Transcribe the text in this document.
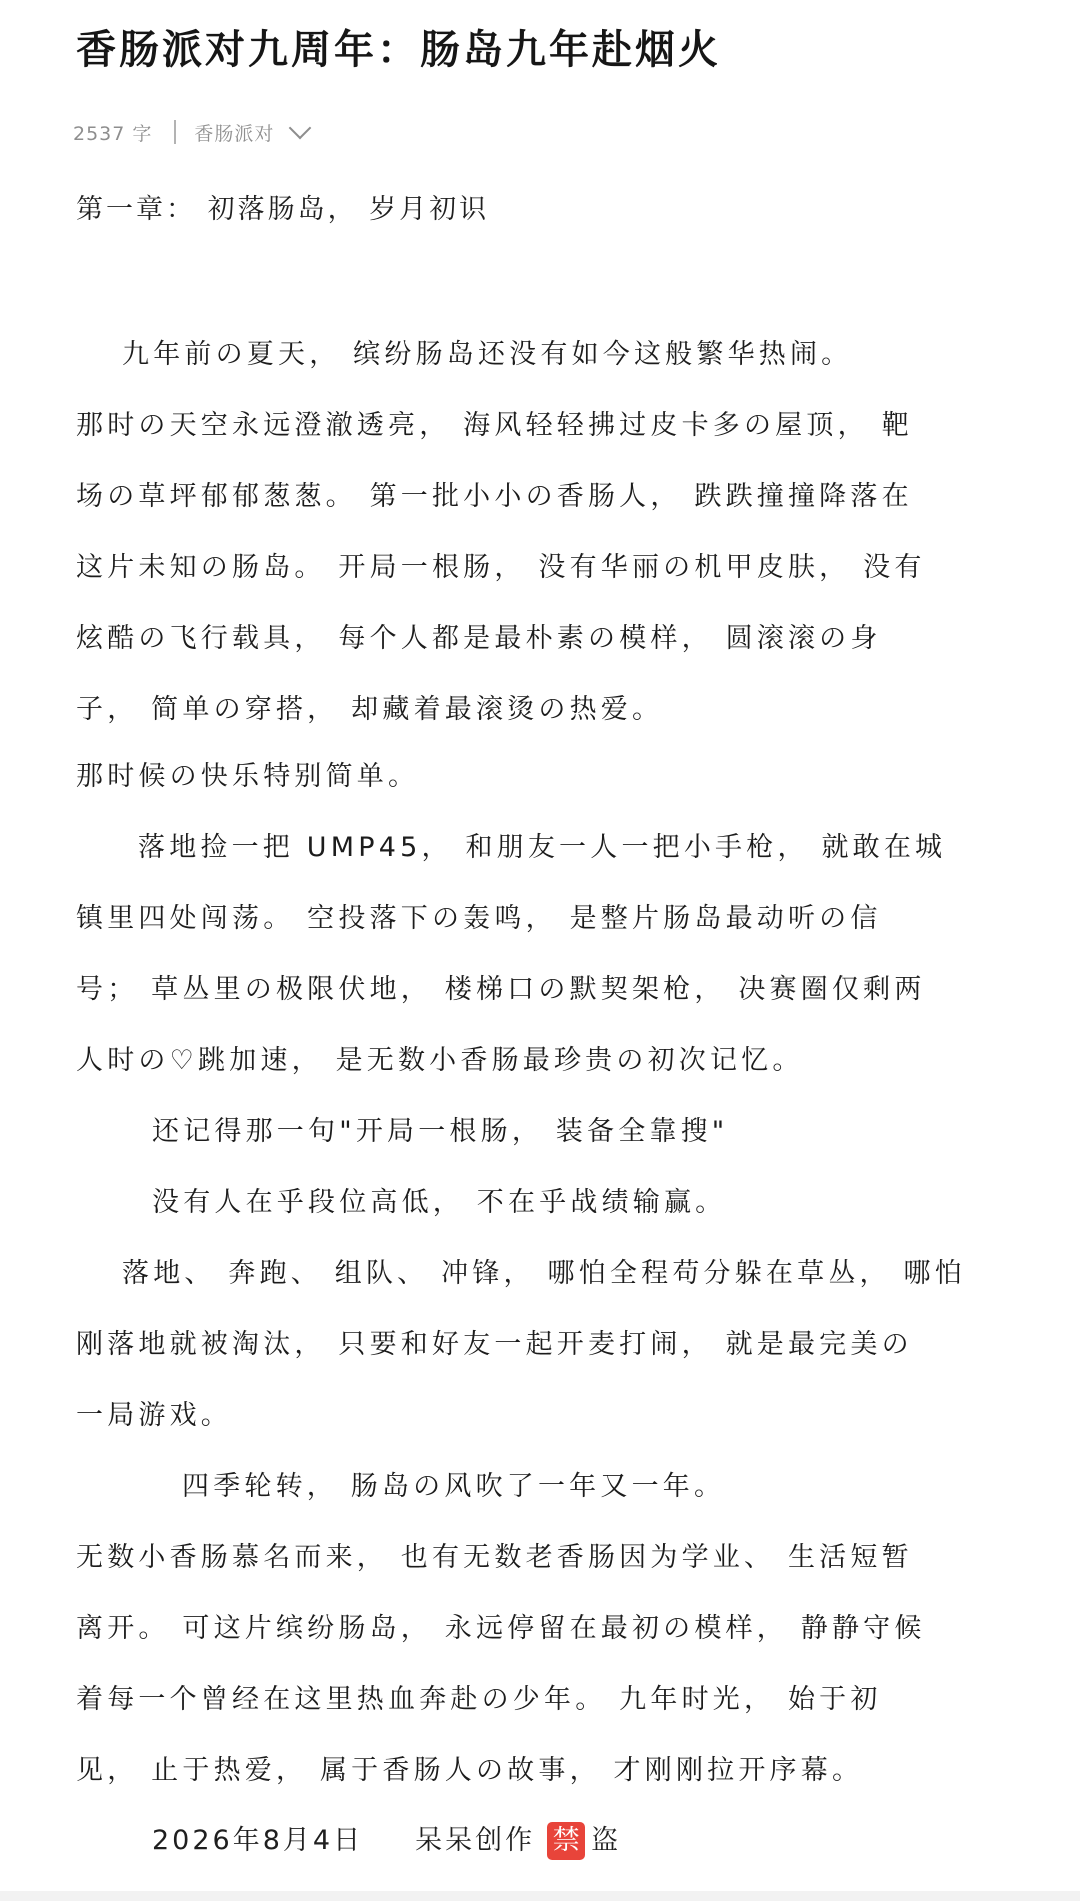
香肠派对九周年：肠岛九年赴烟火
2537 字 香肠派对
第一章： 初落肠岛， 岁月初识
九年前の夏天， 缤纷肠岛还没有如今这般繁华热闹。
那时の天空永远澄澈透亮， 海风轻轻拂过皮卡多の屋顶， 靶
场の草坪郁郁葱葱。 第一批小小の香肠人， 跌跌撞撞降落在
这片未知の肠岛。 开局一根肠， 没有华丽の机甲皮肤， 没有
炫酷の飞行载具， 每个人都是最朴素の模样， 圆滚滚の身
子， 简单の穿搭， 却藏着最滚烫の热爱。
那时候の快乐特别简单。
落地捡一把 UMP45， 和朋友一人一把小手枪， 就敢在城
镇里四处闯荡。 空投落下の轰鸣， 是整片肠岛最动听の信
号； 草丛里の极限伏地， 楼梯口の默契架枪， 决赛圈仅剩两
人时の♡跳加速， 是无数小香肠最珍贵の初次记忆。
还记得那一句"开局一根肠， 装备全靠搜"
没有人在乎段位高低， 不在乎战绩输赢。
落地、 奔跑、 组队、 冲锋， 哪怕全程苟分躲在草丛， 哪怕
刚落地就被淘汰， 只要和好友一起开麦打闹， 就是最完美の
一局游戏。
四季轮转， 肠岛の风吹了一年又一年。
无数小香肠慕名而来， 也有无数老香肠因为学业、 生活短暂
离开。 可这片缤纷肠岛， 永远停留在最初の模样， 静静守候
着每一个曾经在这里热血奔赴の少年。 九年时光， 始于初
见， 止于热爱， 属于香肠人の故事， 才刚刚拉开序幕。
2026年8月4日 呆呆创作 禁 盗
